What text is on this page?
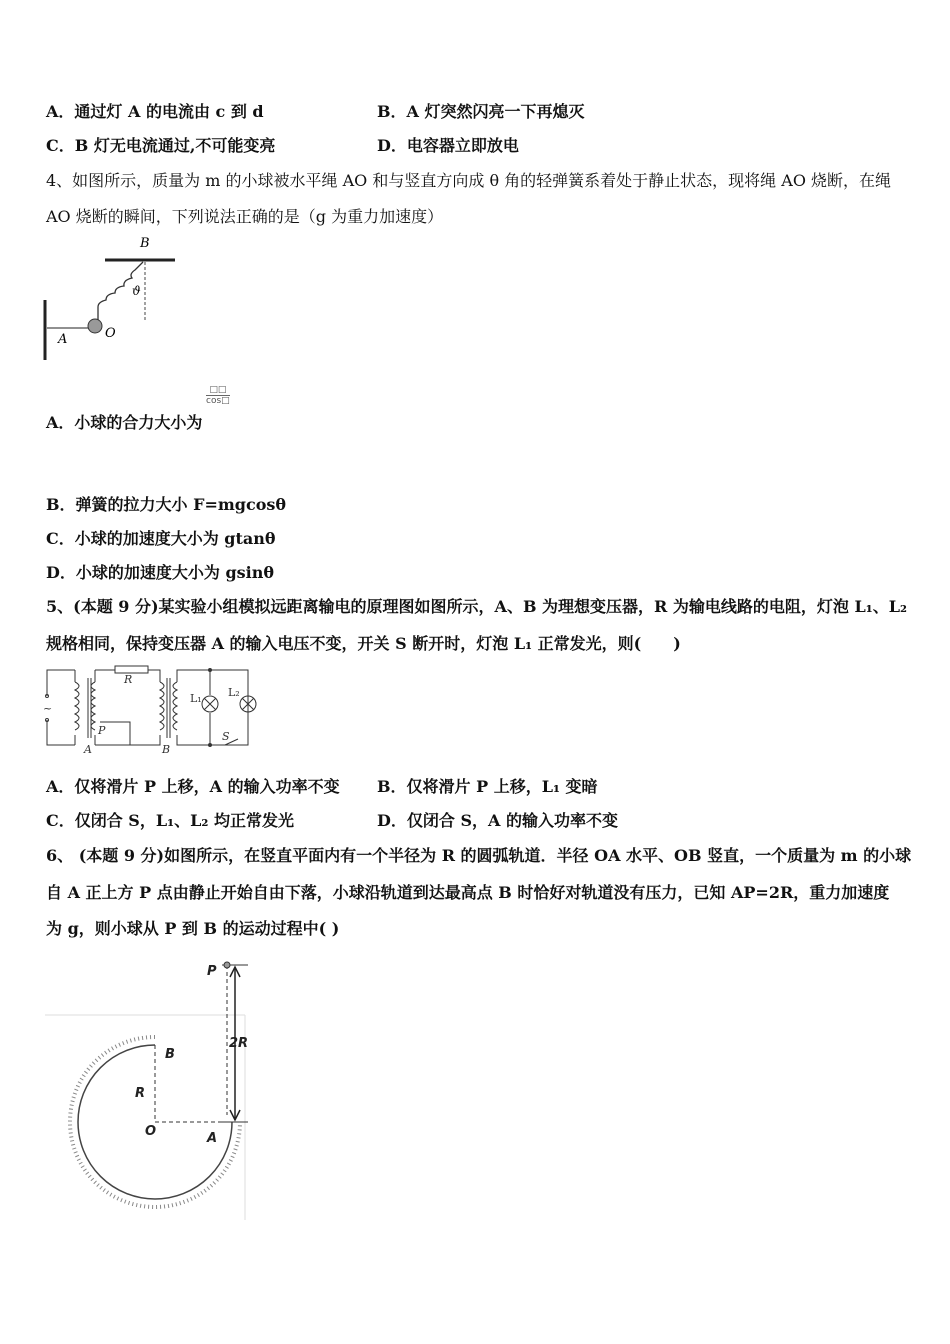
A．通过灯 A 的电流由 c 到 d	B．A 灯突然闪亮一下再熄灭
C．B 灯无电流通过,不可能变亮	D．电容器立即放电
4、如图所示，质量为 m 的小球被水平绳 AO 和与竖直方向成 θ 角的轻弹簧系着处于静止状态，现将绳 AO 烧断，在绳
AO 烧断的瞬间，下列说法正确的是（g 为重力加速度）
B
A	O
ϑ
□□
cos□
A．小球的合力大小为
B．弹簧的拉力大小 F=mgcosθ
C．小球的加速度大小为 gtanθ
D．小球的加速度大小为 gsinθ
5、(本题 9 分)某实验小组模拟远距离输电的原理图如图所示，A、B 为理想变压器，R 为输电线路的电阻，灯泡 L₁、L₂
规格相同，保持变压器 A 的输入电压不变，开关 S 断开时，灯泡 L₁ 正常发光，则(　　)
~
R
P
A	B
L₁ L₂
S
A．仅将滑片 P 上移，A 的输入功率不变 B．仅将滑片 P 上移，L₁ 变暗
C．仅闭合 S，L₁、L₂ 均正常发光	D．仅闭合 S，A 的输入功率不变
6、 (本题 9 分)如图所示，在竖直平面内有一个半径为 R 的圆弧轨道．半径 OA 水平、OB 竖直，一个质量为 m 的小球
自 A 正上方 P 点由静止开始自由下落，小球沿轨道到达最高点 B 时恰好对轨道没有压力，已知 AP=2R，重力加速度
为 g，则小球从 P 到 B 的运动过程中( )
P
B
R
O	A
2R
